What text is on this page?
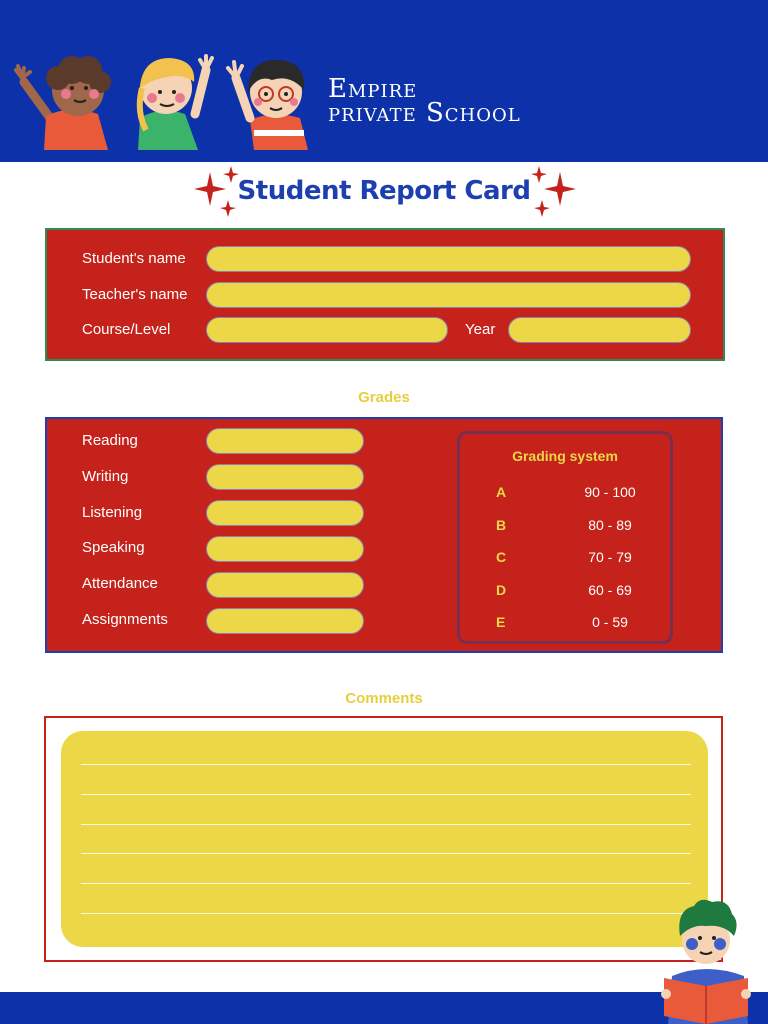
Empire
private School
Student Report Card
Student's name
Teacher's name
Course/Level	Year
Grades
Reading
Writing
Listening
Speaking
Attendance
Assignments
Grading system
A	90 - 100
B	80 - 89
C	70 - 79
D	60 - 69
E	0 - 59
Comments
